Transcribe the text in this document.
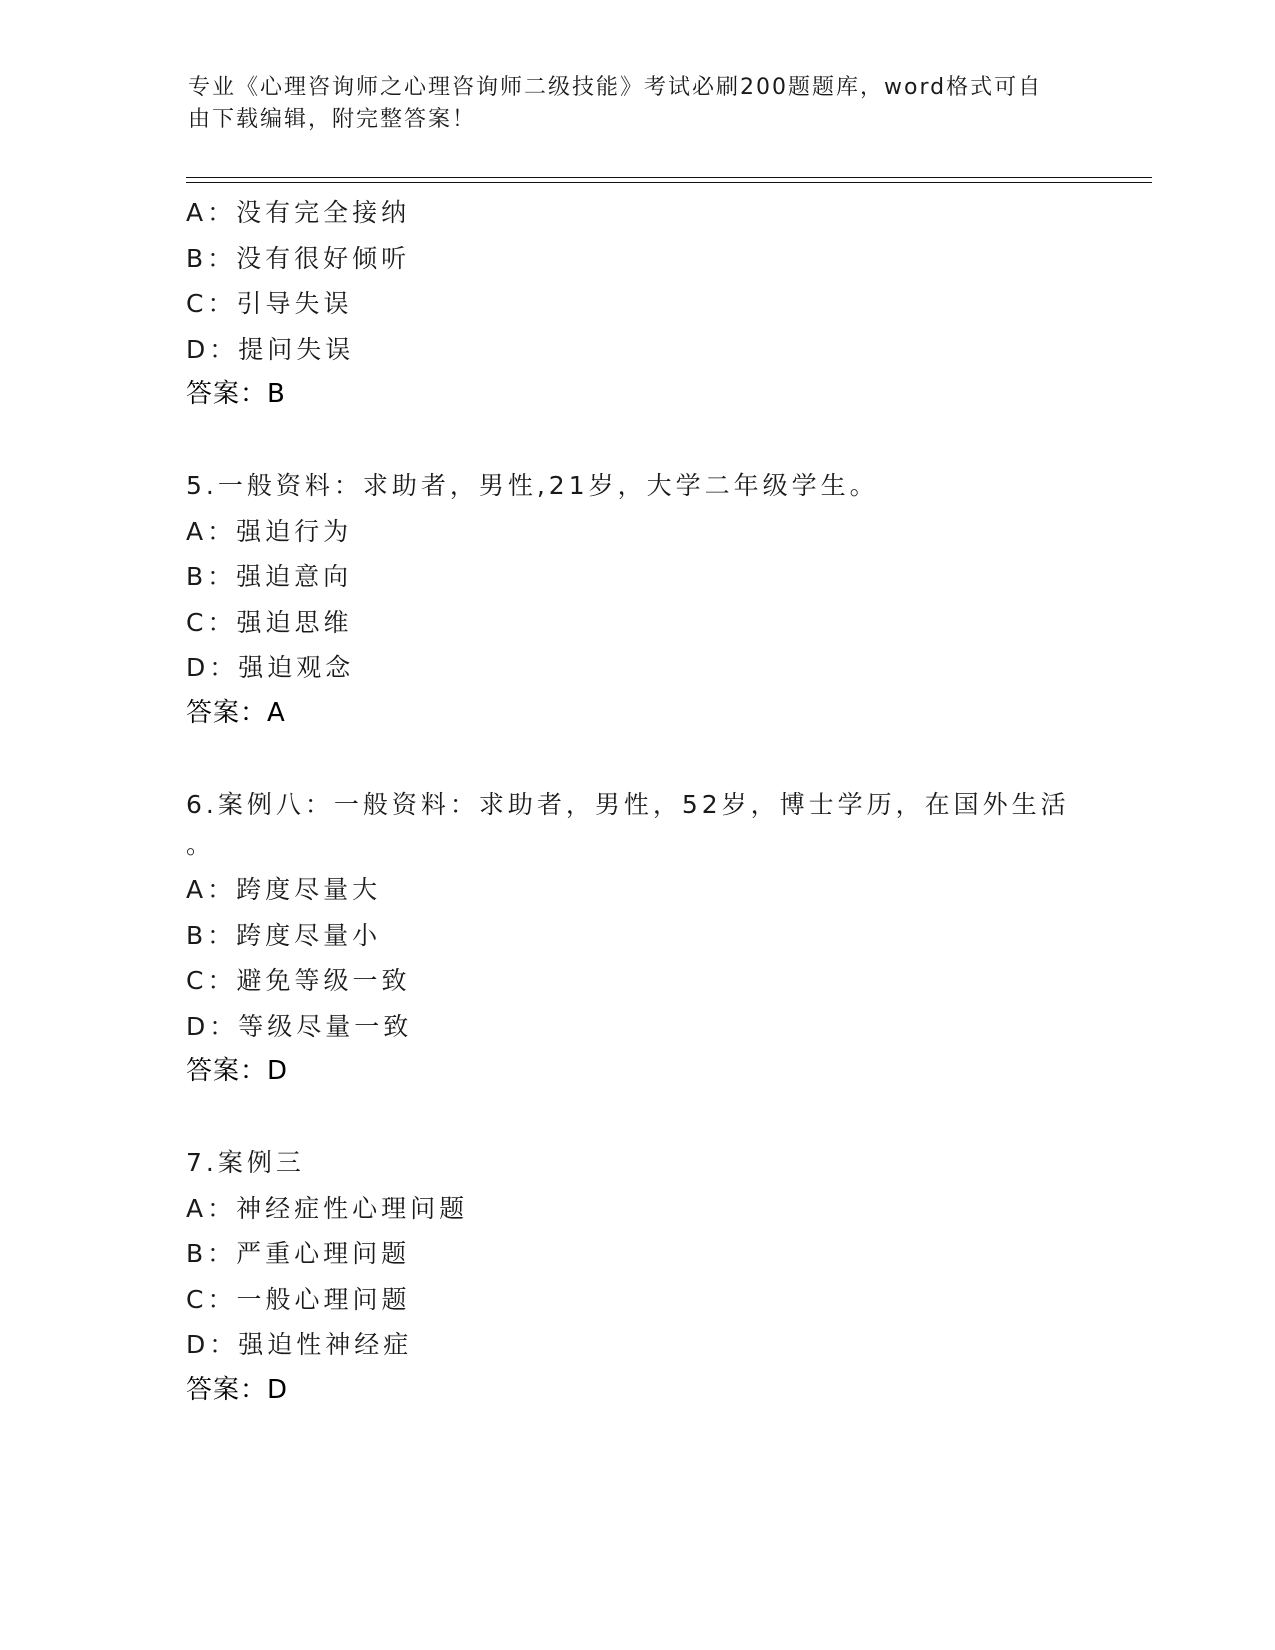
专业《心理咨询师之心理咨询师二级技能》考试必刷200题题库，word格式可自
由下载编辑，附完整答案！
A：没有完全接纳
B：没有很好倾听
C：引导失误
D：提问失误
答案：B
5.一般资料：求助者，男性,21岁，大学二年级学生。
A：强迫行为
B：强迫意向
C：强迫思维
D：强迫观念
答案：A
6.案例八：一般资料：求助者，男性，52岁，博士学历，在国外生活
。
A：跨度尽量大
B：跨度尽量小
C：避免等级一致
D：等级尽量一致
答案：D
7.案例三
A：神经症性心理问题
B：严重心理问题
C：一般心理问题
D：强迫性神经症
答案：D
